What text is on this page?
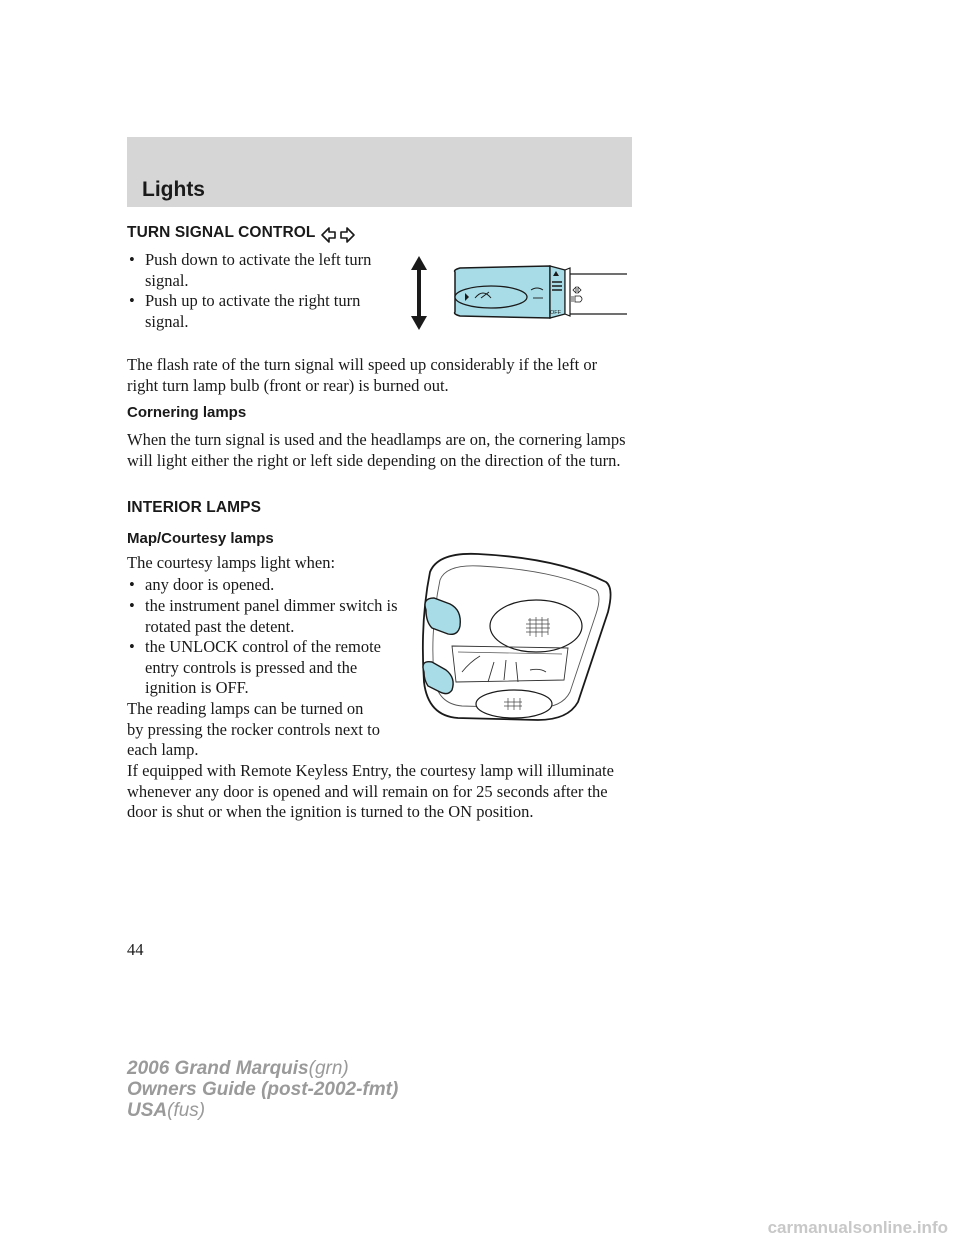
Lights
TURN SIGNAL CONTROL
• Push down to activate the left turn signal.
• Push up to activate the right turn signal.	OFF

The flash rate of the turn signal will speed up considerably if the left or right turn lamp bulb (front or rear) is burned out.

Cornering lamps

When the turn signal is used and the headlamps are on, the cornering lamps will light either the right or left side depending on the direction of the turn.

INTERIOR LAMPS
Map/Courtesy lamps

The courtesy lamps light when:

• any door is opened.
• the instrument panel dimmer switch is rotated past the detent.
• the UNLOCK control of the remote entry controls is pressed and the ignition is OFF.

The reading lamps can be turned on by pressing the rocker controls next to each lamp.

If equipped with Remote Keyless Entry, the courtesy lamp will illuminate whenever any door is opened and will remain on for 25 seconds after the door is shut or when the ignition is turned to the ON position.

44
2006 Grand Marquis(grn)
Owners Guide (post-2002-fmt)
USA(fus)
carmanualsonline.info
